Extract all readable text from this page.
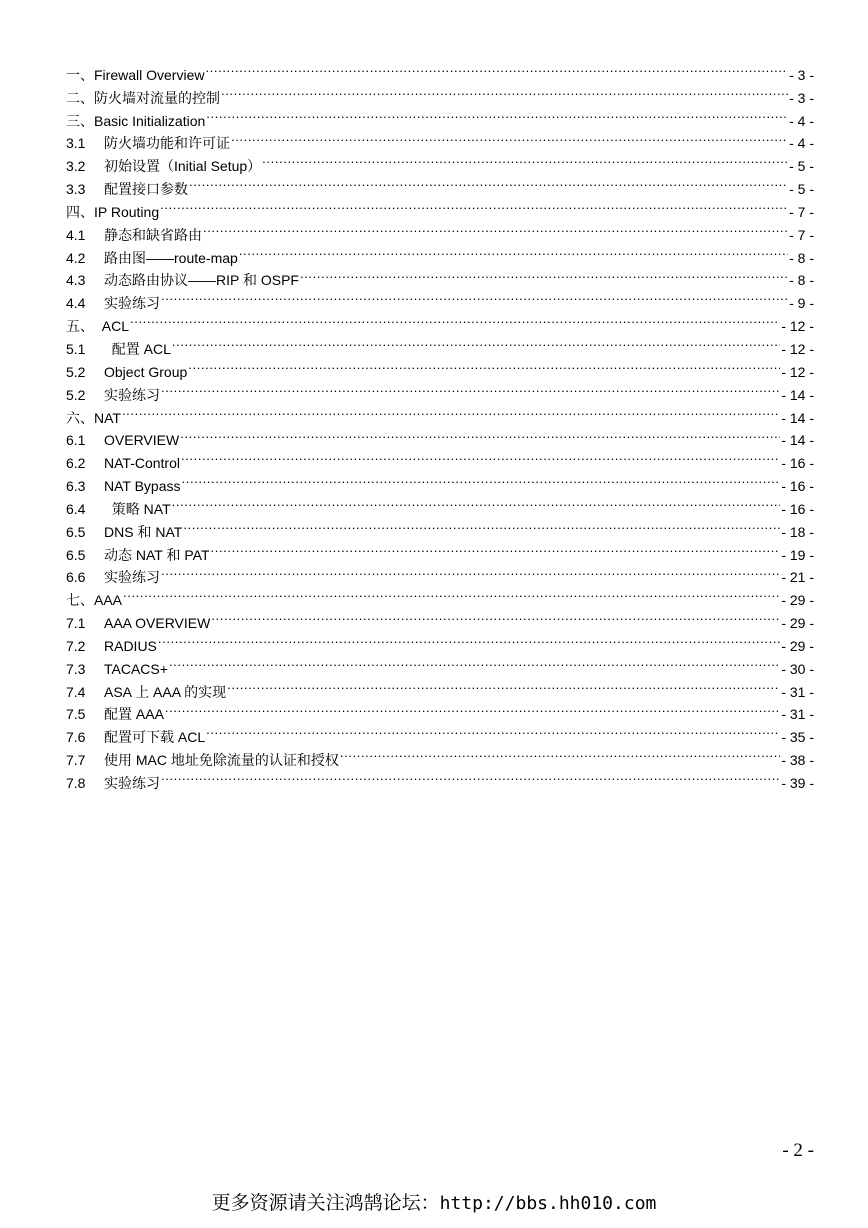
一、Firewall Overview .....	- 3 -
二、防火墙对流量的控制 .....	- 3 -
三、Basic Initialization .....	- 4 -
3.1	防火墙功能和许可证 .....	- 4 -
3.2	初始设置（Initial Setup） .....	- 5 -
3.3	配置接口参数 .....	- 5 -
四、IP Routing .....	- 7 -
4.1	静态和缺省路由 .....	- 7 -
4.2	路由图——route-map .....	- 8 -
4.3	动态路由协议——RIP 和 OSPF .....	- 8 -
4.4	实验练习 .....	- 9 -
五、  ACL .....	- 12 -
5.1	配置 ACL .....	- 12 -
5.2	Object Group .....	- 12 -
5.2	实验练习 .....	- 14 -
六、NAT .....	- 14 -
6.1	OVERVIEW .....	- 14 -
6.2	NAT-Control .....	- 16 -
6.3	NAT Bypass .....	- 16 -
6.4	策略 NAT .....	- 16 -
6.5	DNS 和 NAT .....	- 18 -
6.5	动态 NAT 和 PAT .....	- 19 -
6.6	实验练习 .....	- 21 -
七、AAA .....	- 29 -
7.1	AAA OVERVIEW .....	- 29 -
7.2	RADIUS .....	- 29 -
7.3	TACACS+ .....	- 30 -
7.4	ASA 上 AAA 的实现 .....	- 31 -
7.5	配置 AAA .....	- 31 -
7.6	配置可下载 ACL .....	- 35 -
7.7	使用 MAC 地址免除流量的认证和授权 .....	- 38 -
7.8	实验练习 .....	- 39 -
- 2 -
更多资源请关注鸿鹄论坛：http://bbs.hh010.com
